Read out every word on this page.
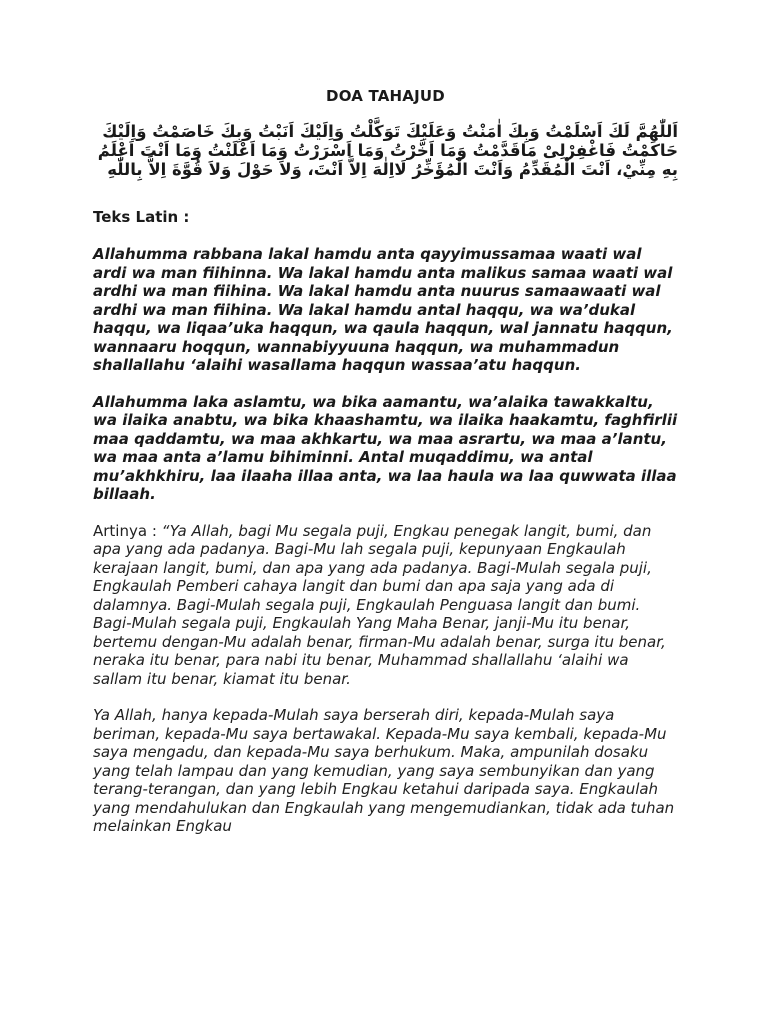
DOA TAHAJUD
اَللّٰهُمَّ لَكَ اَسْلَمْتُ وَبِكَ اٰمَنْتُ وَعَلَيْكَ تَوَكَّلْتُ وَاِلَيْكَ اَنَبْتُ وَبِكَ خَاصَمْتُ وَاِلَيْكَ حَاكَمْتُ فَاغْفِرْلِىْ مَاقَدَّمْتُ وَمَا اَخَّرْتُ وَمَا اَسْرَرْتُ وَمَا اَعْلَنْتُ وَمَا اَنْتَ اَعْلَمُ بِهِ مِنِّيْ، اَنْتَ الْمُقَدِّمُ وَاَنْتَ الْمُؤَخِّرُ لَااِلٰهَ اِلاَّ اَنْتَ، وَلاَ حَوْلَ وَلاَ قُوَّةَ اِلاَّ بِاللّٰهِ
Teks Latin :

Allahumma rabbana lakal hamdu anta qayyimussamaa waati wal ardi wa man fiihinna. Wa lakal hamdu anta malikus samaa waati wal ardhi wa man fiihina. Wa lakal hamdu anta nuurus samaawaati wal ardhi wa man fiihina. Wa lakal hamdu antal haqqu, wa wa’dukal haqqu, wa liqaa’uka haqqun, wa qaula haqqun, wal jannatu haqqun, wannaaru hoqqun, wannabiyyuuna haqqun, wa muhammadun shallallahu ‘alaihi wasallama haqqun wassaa’atu haqqun.

Allahumma laka aslamtu, wa bika aamantu, wa’alaika tawakkaltu, wa ilaika anabtu, wa bika khaashamtu, wa ilaika haakamtu, faghfirlii maa qaddamtu, wa maa akhkartu, wa maa asrartu, wa maa a’lantu, wa maa anta a’lamu bihiminni. Antal muqaddimu, wa antal mu’akhkhiru, laa ilaaha illaa anta, wa laa haula wa laa quwwata illaa billaah.

Artinya : “Ya Allah, bagi Mu segala puji, Engkau penegak langit, bumi, dan apa yang ada padanya. Bagi-Mu lah segala puji, kepunyaan Engkaulah kerajaan langit, bumi, dan apa yang ada padanya. Bagi-Mulah segala puji, Engkaulah Pemberi cahaya langit dan bumi dan apa saja yang ada di dalamnya. Bagi-Mulah segala puji, Engkaulah Penguasa langit dan bumi. Bagi-Mulah segala puji, Engkaulah Yang Maha Benar, janji-Mu itu benar, bertemu dengan-Mu adalah benar, firman-Mu adalah benar, surga itu benar, neraka itu benar, para nabi itu benar, Muhammad shallallahu ‘alaihi wa sallam itu benar, kiamat itu benar.

Ya Allah, hanya kepada-Mulah saya berserah diri, kepada-Mulah saya beriman, kepada-Mu saya bertawakal. Kepada-Mu saya kembali, kepada-Mu saya mengadu, dan kepada-Mu saya berhukum. Maka, ampunilah dosaku yang telah lampau dan yang kemudian, yang saya sembunyikan dan yang terang-terangan, dan yang lebih Engkau ketahui daripada saya. Engkaulah yang mendahulukan dan Engkaulah yang mengemudiankan, tidak ada tuhan melainkan Engkau
